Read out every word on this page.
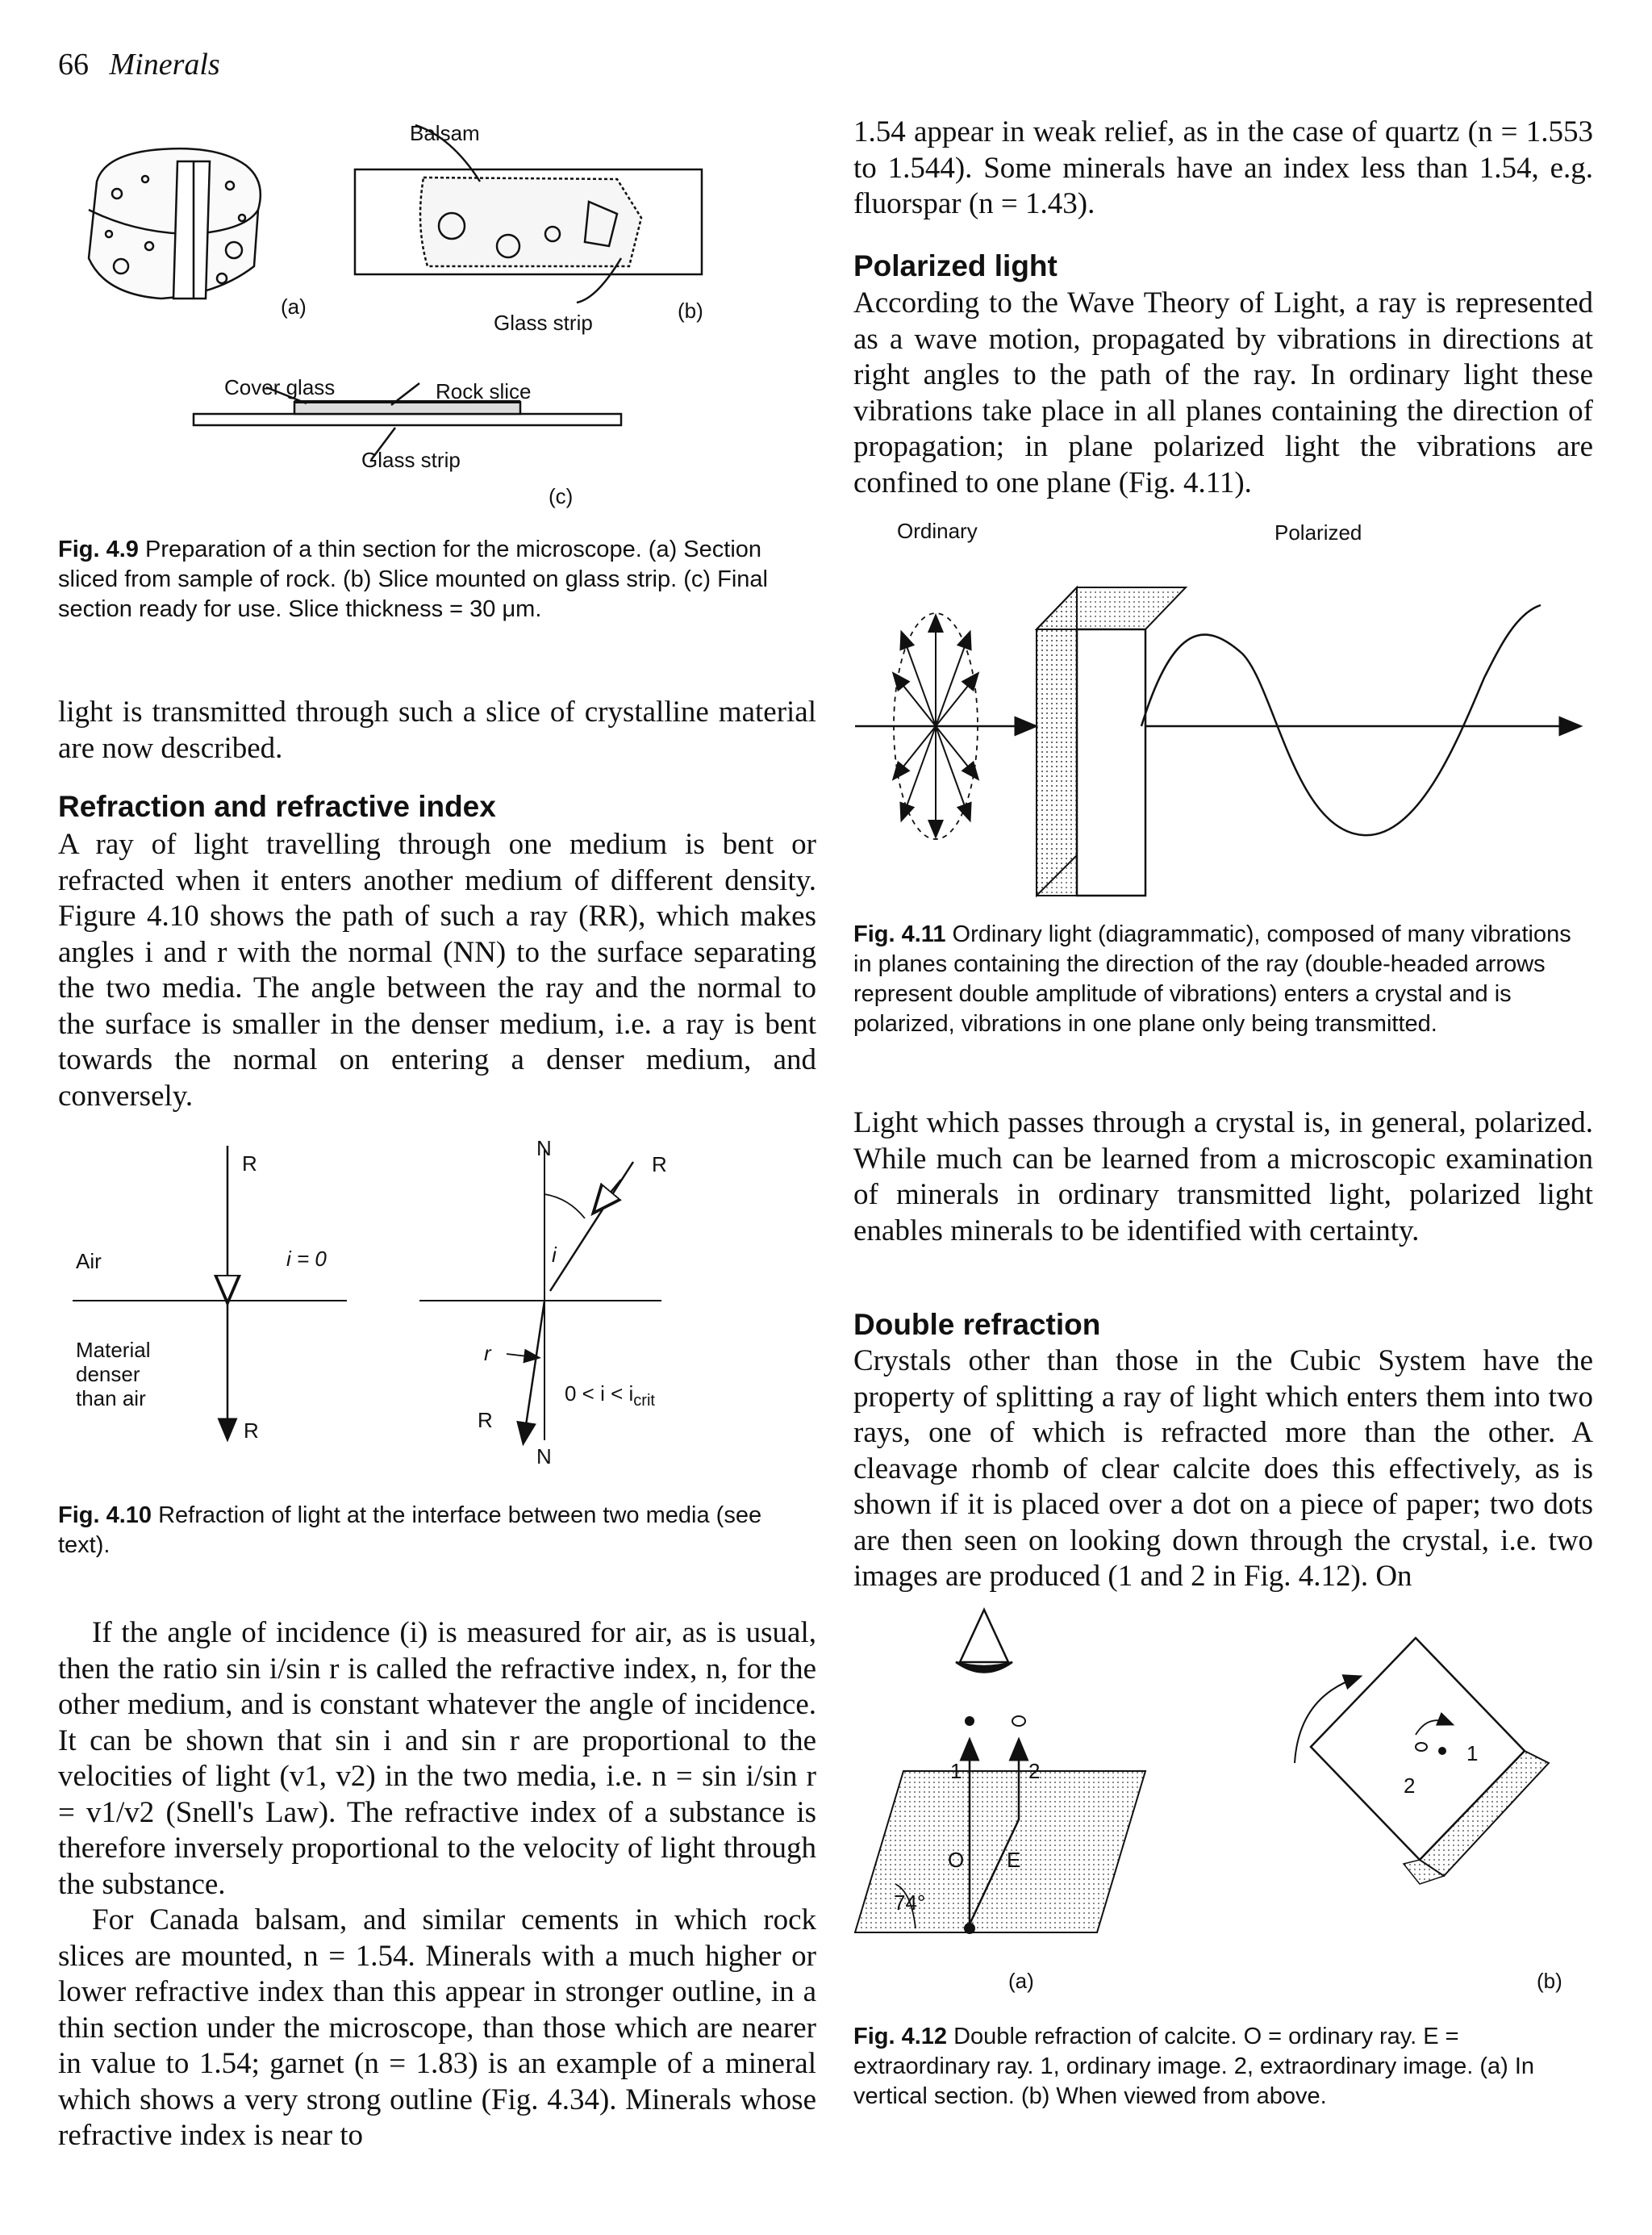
66 Minerals
Balsam
(a)
Glass strip	(b)
Cover glass	Rock slice
Glass strip
(c)
Fig. 4.9 Preparation of a thin section for the microscope. (a) Section sliced from sample of rock. (b) Slice mounted on glass strip. (c) Final section ready for use. Slice thickness = 30 μm.

light is transmitted through such a slice of crystalline material are now described.

Refraction and refractive index

A ray of light travelling through one medium is bent or refracted when it enters another medium of different density. Figure 4.10 shows the path of such a ray (RR), which makes angles i and r with the normal (NN) to the surface separating the two media. The angle between the ray and the normal to the surface is smaller in the denser medium, i.e. a ray is bent towards the normal on entering a denser medium, and conversely.

R
R
Air	i = 0
Material
denser
than air
N
N
R
R
i
r
$0 < i < i_{crit}$
Fig. 4.10 Refraction of light at the interface between two media (see text).

If the angle of incidence (i) is measured for air, as is usual, then the ratio sin i/sin r is called the refractive index, n, for the other medium, and is constant whatever the angle of incidence. It can be shown that sin i and sin r are proportional to the velocities of light (v1, v2) in the two media, i.e. n = sin i/sin r = v1/v2 (Snell's Law). The refractive index of a substance is therefore inversely proportional to the velocity of light through the substance.

For Canada balsam, and similar cements in which rock slices are mounted, n = 1.54. Minerals with a much higher or lower refractive index than this appear in stronger outline, in a thin section under the microscope, than those which are nearer in value to 1.54; garnet (n = 1.83) is an example of a mineral which shows a very strong outline (Fig. 4.34). Minerals whose refractive index is near to

1.54 appear in weak relief, as in the case of quartz (n = 1.553 to 1.544). Some minerals have an index less than 1.54, e.g. fluorspar (n = 1.43).

Polarized light

According to the Wave Theory of Light, a ray is represented as a wave motion, propagated by vibrations in directions at right angles to the path of the ray. In ordinary light these vibrations take place in all planes containing the direction of propagation; in plane polarized light the vibrations are confined to one plane (Fig. 4.11).

Ordinary	Polarized
Fig. 4.11 Ordinary light (diagrammatic), composed of many vibrations in planes containing the direction of the ray (double-headed arrows represent double amplitude of vibrations) enters a crystal and is polarized, vibrations in one plane only being transmitted.

Light which passes through a crystal is, in general, polarized. While much can be learned from a microscopic examination of minerals in ordinary transmitted light, polarized light enables minerals to be identified with certainty.

Double refraction

Crystals other than those in the Cubic System have the property of splitting a ray of light which enters them into two rays, one of which is refracted more than the other. A cleavage rhomb of clear calcite does this effectively, as is shown if it is placed over a dot on a piece of paper; two dots are then seen on looking down through the crystal, i.e. two images are produced (1 and 2 in Fig. 4.12). On

1	2
O E
74°
(a)	(b)
1
2
Fig. 4.12 Double refraction of calcite. O = ordinary ray. E = extraordinary ray. 1, ordinary image. 2, extraordinary image. (a) In vertical section. (b) When viewed from above.
